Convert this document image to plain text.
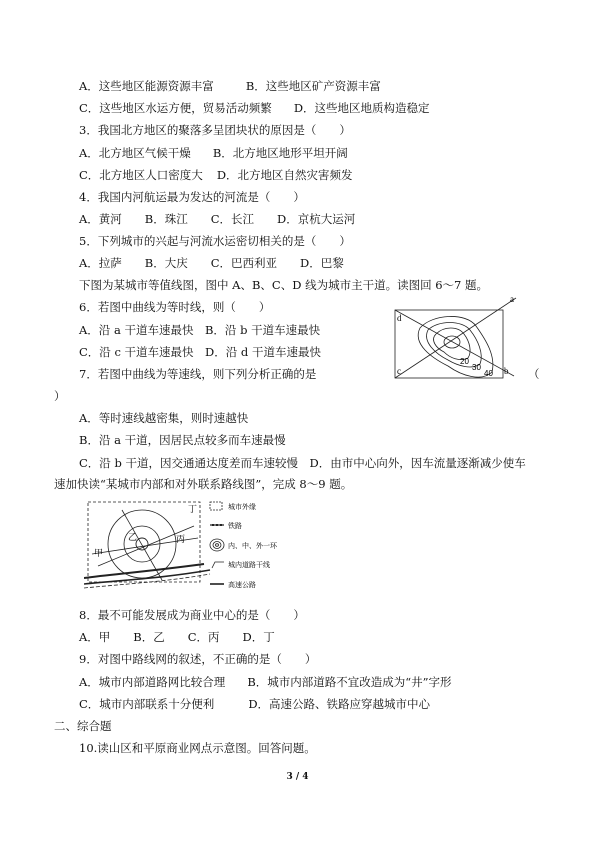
A．这些地区能源资源丰富	B．这些地区矿产资源丰富
C．这些地区水运方便，贸易活动频繁 D．这些地区地质构造稳定
3．我国北方地区的聚落多呈团块状的原因是（　　）
A．北方地区气候干燥 B．北方地区地形平坦开阔
C．北方地区人口密度大 D．北方地区自然灾害频发
4．我国内河航运最为发达的河流是（　　）
A．黄河　　B．珠江　　C．长江　　D．京杭大运河
5．下列城市的兴起与河流水运密切相关的是（　　）
A．拉萨　　B．大庆　　C．巴西利亚　　D．巴黎
下图为某城市等值线图，图中 A、B、C、D 线为城市主干道。读图回 6～7 题。
6．若图中曲线为等时线，则（　　）
A．沿 a 干道车速最快　B．沿 b 干道车速最快
C．沿 c 干道车速最快　D．沿 d 干道车速最快
7．若图中曲线为等速线，则下列分析正确的是	（
）
A．等时速线越密集，则时速越快
B．沿 a 干道，因居民点较多而车速最慢
C．沿 b 干道，因交通通达度差而车速较慢　D．由市中心向外，因车流量逐渐减少使车
速加快读“某城市内部和对外联系路线图”，完成 8～9 题。
a
b
c
d
20
30
40
甲
乙	丙
丁	城市外缘
铁路
内、中、外一环
城内道路干线
高速公路
8．最不可能发展成为商业中心的是（　　）
A．甲　　B．乙　　C．丙　　D．丁
9．对图中路线网的叙述，不正确的是（　　）
A．城市内部道路网比较合理 B．城市内部道路不宜改造成为“井”字形
C．城市内部联系十分便利	D．高速公路、铁路应穿越城市中心
二、综合题
10.读山区和平原商业网点示意图。回答问题。
3 / 4
